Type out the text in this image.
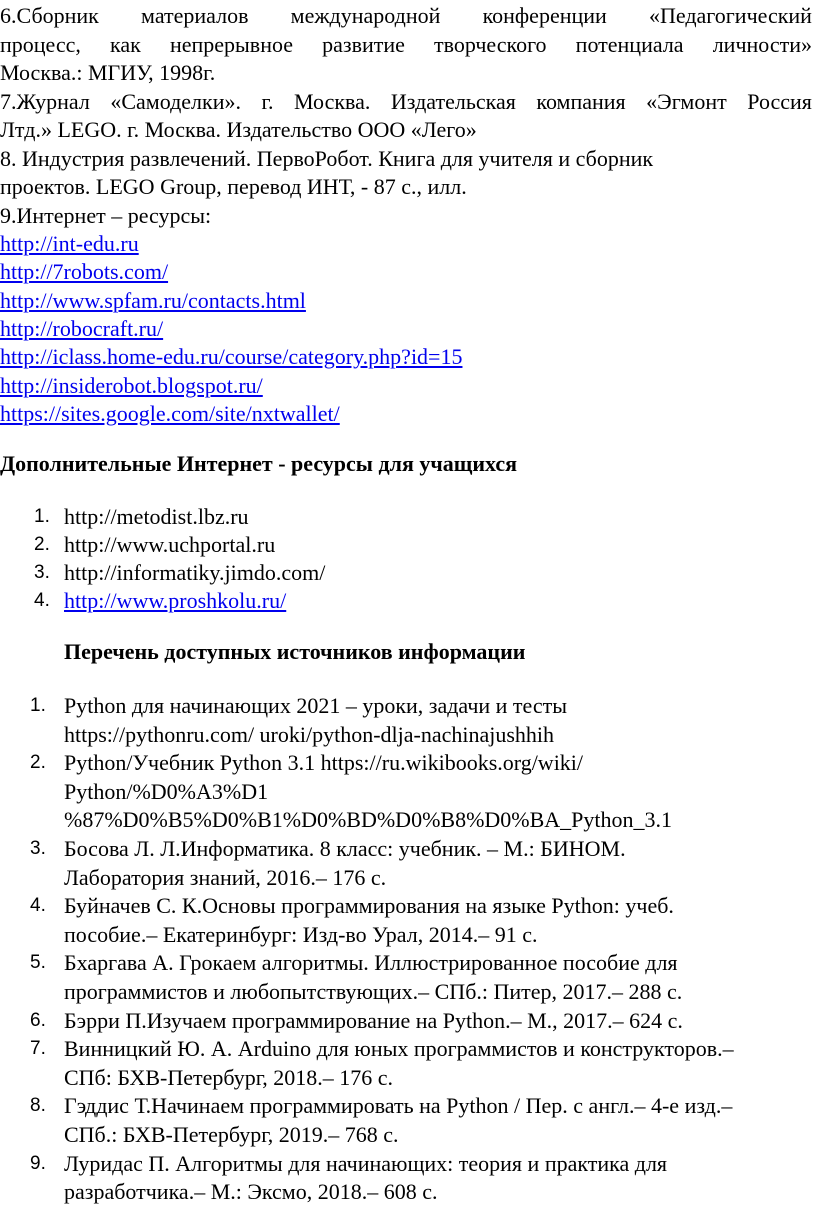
6.Сборник материалов международной конференции «Педагогический
процесс, как непрерывное развитие творческого потенциала личности»
Москва.: МГИУ, 1998г.
7.Журнал «Самоделки». г. Москва. Издательская компания «Эгмонт Россия
Лтд.» LEGO. г. Москва. Издательство ООО «Лего»
8. Индустрия развлечений. ПервоРобот. Книга для учителя и сборник
проектов. LEGO Group, перевод ИНТ, - 87 с., илл.
9.Интернет – ресурсы:
http://int-edu.ru
http://7robots.com/
http://www.spfam.ru/contacts.html
http://robocraft.ru/
http://iclass.home-edu.ru/course/category.php?id=15
http://insiderobot.blogspot.ru/
https://sites.google.com/site/nxtwallet/
Дополнительные Интернет - ресурсы для учащихся
1. http://metodist.lbz.ru
2. http://www.uchportal.ru
3. http://informatiky.jimdo.com/
4. http://www.proshkolu.ru/
Перечень доступных источников информации
1. Python для начинающих 2021 – уроки, задачи и тесты
https://pythonru.com/ uroki/python-dlja-nachinajushhih
2. Python/Учебник Python 3.1 https://ru.wikibooks.org/wiki/
Python/%D0%A3%D1
%87%D0%B5%D0%B1%D0%BD%D0%B8%D0%BA_Python_3.1
3. Босова Л. Л.Информатика. 8 класс: учебник. – М.: БИНОМ.
Лаборатория знаний, 2016.– 176 с.
4. Буйначев С. К.Основы программирования на языке Python: учеб.
пособие.– Екатеринбург: Изд-во Урал, 2014.– 91 с.
5. Бхаргава А. Грокаем алгоритмы. Иллюстрированное пособие для
программистов и любопытствующих.– СПб.: Питер, 2017.– 288 с.
6. Бэрри П.Изучаем программирование на Python.– М., 2017.– 624 с.
7. Винницкий Ю. А. Arduino для юных программистов и конструкторов.–
СПб: БХВ-Петербург, 2018.– 176 с.
8. Гэддис Т.Начинаем программировать на Python / Пер. с англ.– 4-е изд.–
СПб.: БХВ-Петербург, 2019.– 768 с.
9. Луридас П. Алгоритмы для начинающих: теория и практика для
разработчика.– М.: Эксмо, 2018.– 608 с.
